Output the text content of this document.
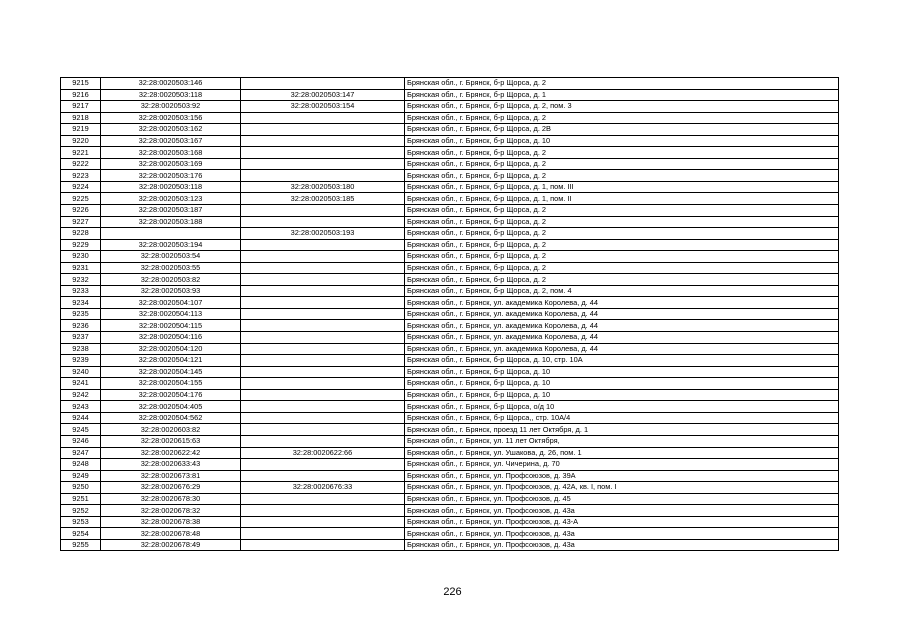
9215	32:28:0020503:146		Брянская обл., г. Брянск, б-р Щорса, д. 2
9216	32:28:0020503:118	32:28:0020503:147	Брянская обл., г. Брянск, б-р Щорса, д. 1
9217	32:28:0020503:92	32:28:0020503:154	Брянская обл., г. Брянск, б-р Щорса, д. 2, пом. 3
9218	32:28:0020503:156		Брянская обл., г. Брянск, б-р Щорса, д. 2
9219	32:28:0020503:162		Брянская обл., г. Брянск, б-р Щорса, д. 2В
9220	32:28:0020503:167		Брянская обл., г. Брянск, б-р Щорса, д. 10
9221	32:28:0020503:168		Брянская обл., г. Брянск, б-р Щорса, д. 2
9222	32:28:0020503:169		Брянская обл., г. Брянск, б-р Щорса, д. 2
9223	32:28:0020503:176		Брянская обл., г. Брянск, б-р Щорса, д. 2
9224	32:28:0020503:118	32:28:0020503:180	Брянская обл., г. Брянск, б-р Щорса, д. 1, пом. III
9225	32:28:0020503:123	32:28:0020503:185	Брянская обл., г. Брянск, б-р Щорса, д. 1, пом. II
9226	32:28:0020503:187		Брянская обл., г. Брянск, б-р Щорса, д. 2
9227	32:28:0020503:188		Брянская обл., г. Брянск, б-р Щорса, д. 2
9228		32:28:0020503:193	Брянская обл., г. Брянск, б-р Щорса, д. 2
9229	32:28:0020503:194		Брянская обл., г. Брянск, б-р Щорса, д. 2
9230	32:28:0020503:54		Брянская обл., г. Брянск, б-р Щорса, д. 2
9231	32:28:0020503:55		Брянская обл., г. Брянск, б-р Щорса, д. 2
9232	32:28:0020503:82		Брянская обл., г. Брянск, б-р Щорса, д. 2
9233	32:28:0020503:93		Брянская обл., г. Брянск, б-р Щорса, д. 2, пом. 4
9234	32:28:0020504:107		Брянская обл., г. Брянск, ул. академика Королева, д. 44
9235	32:28:0020504:113		Брянская обл., г. Брянск, ул. академика Королева, д. 44
9236	32:28:0020504:115		Брянская обл., г. Брянск, ул. академика Королева, д. 44
9237	32:28:0020504:116		Брянская обл., г. Брянск, ул. академика Королева, д. 44
9238	32:28:0020504:120		Брянская обл., г. Брянск, ул. академика Королева, д. 44
9239	32:28:0020504:121		Брянская обл., г. Брянск, б-р Щорса, д. 10, стр. 10А
9240	32:28:0020504:145		Брянская обл., г. Брянск, б-р Щорса, д. 10
9241	32:28:0020504:155		Брянская обл., г. Брянск, б-р Щорса, д. 10
9242	32:28:0020504:176		Брянская обл., г. Брянск, б-р Щорса, д. 10
9243	32:28:0020504:405		Брянская обл., г. Брянск, б-р Щорса, о/д 10
9244	32:28:0020504:562		Брянская обл., г. Брянск, б-р Щорса,, стр. 10А/4
9245	32:28:0020603:82		Брянская обл., г. Брянск, проезд 11 лет Октября, д. 1
9246	32:28:0020615:63		Брянская обл., г. Брянск, ул. 11 лет Октября,
9247	32:28:0020622:42	32:28:0020622:66	Брянская обл., г. Брянск, ул. Ушакова, д. 26, пом. 1
9248	32:28:0020633:43		Брянская обл., г. Брянск, ул. Чичерина, д. 70
9249	32:28:0020673:81		Брянская обл., г. Брянск, ул. Профсоюзов, д. 39А
9250	32:28:0020676:29	32:28:0020676:33	Брянская обл., г. Брянск, ул. Профсоюзов, д. 42А, кв. I, пом. I
9251	32:28:0020678:30		Брянская обл., г. Брянск, ул. Профсоюзов, д. 45
9252	32:28:0020678:32		Брянская обл., г. Брянск, ул. Профсоюзов, д. 43а
9253	32:28:0020678:38		Брянская обл., г. Брянск, ул. Профсоюзов, д. 43-А
9254	32:28:0020678:48		Брянская обл., г. Брянск, ул. Профсоюзов, д. 43а
9255	32:28:0020678:49		Брянская обл., г. Брянск, ул. Профсоюзов, д. 43а
226
